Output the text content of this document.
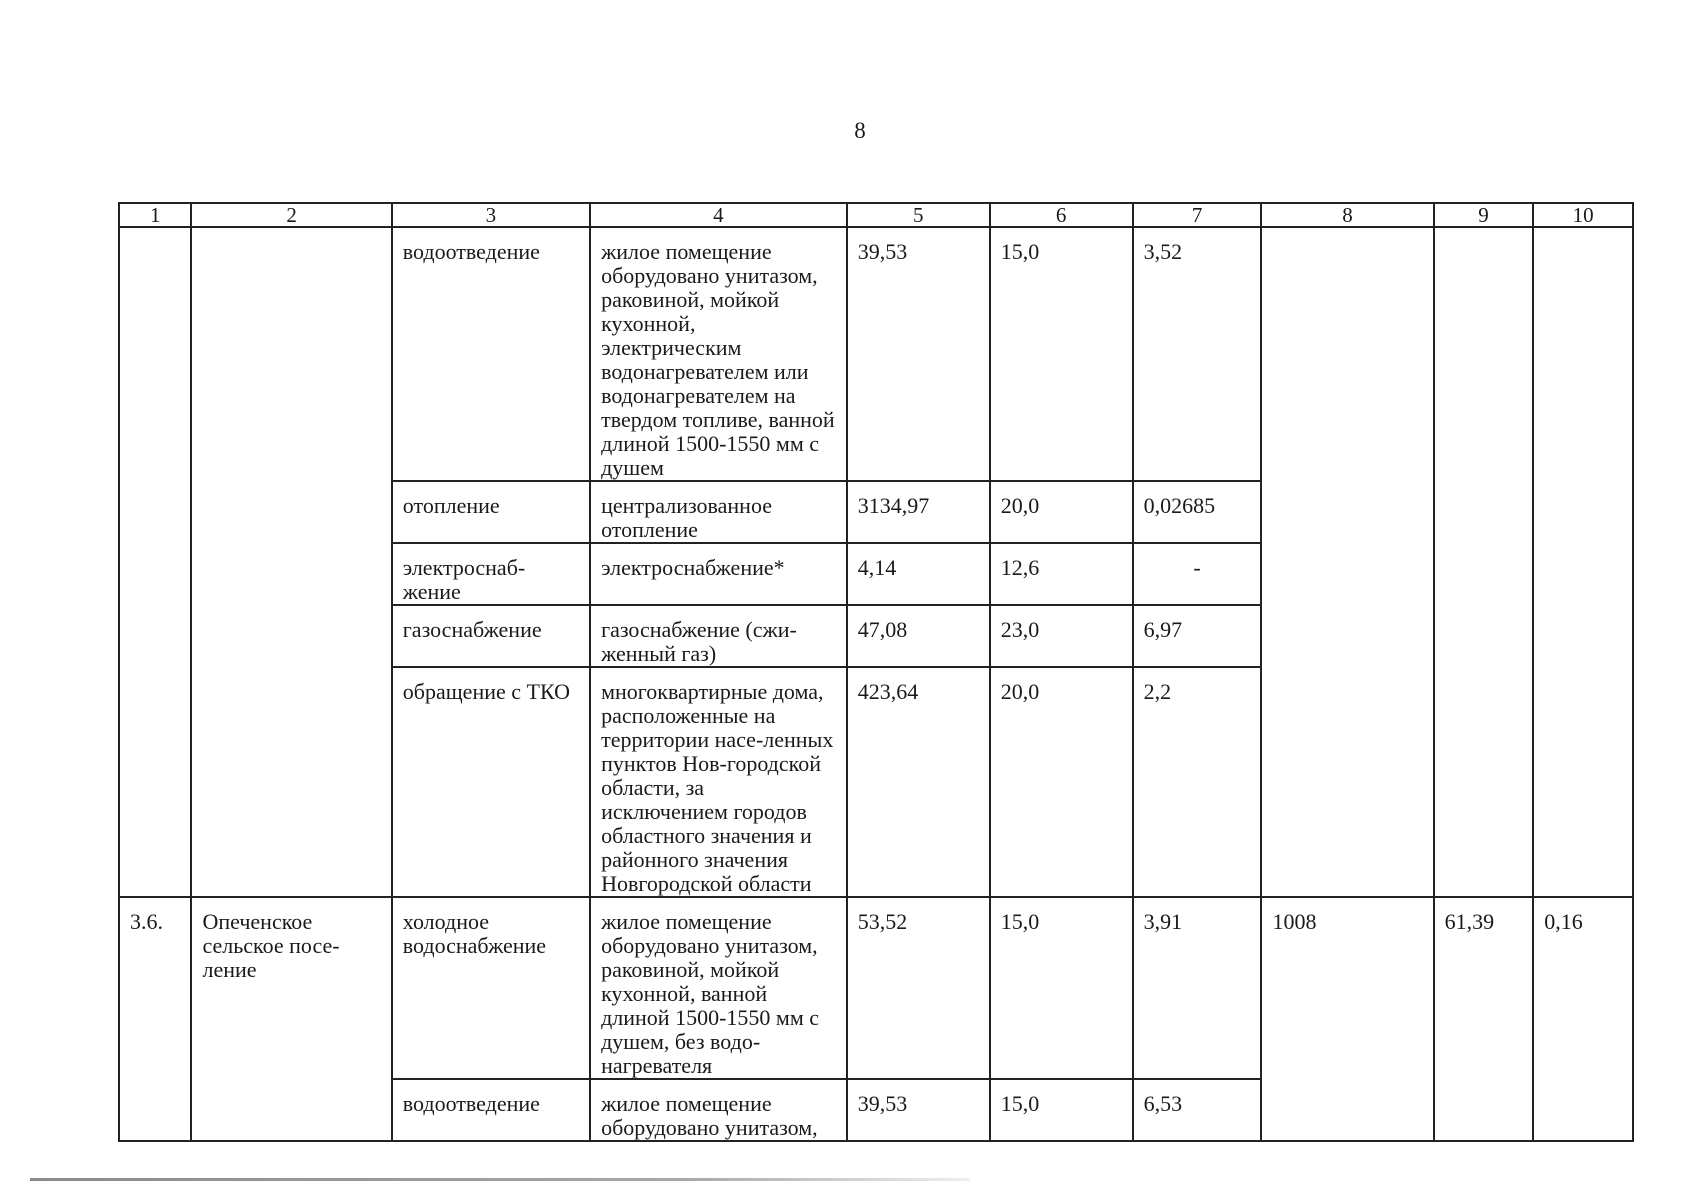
8
1	2	3	4	5	6	7	8	9	10
		водоотведение	жилое помещение оборудовано унитазом, раковиной, мойкой кухонной, электрическим водонагревателем или водонагревателем на твердом топливе, ванной длиной 1500-1550 мм с душем	39,53	15,0	3,52			
		отопление	централизованное отопление	3134,97	20,0	0,02685			
		электроснаб-жение	электроснабжение*	4,14	12,6	-			
		газоснабжение	газоснабжение (сжи-женный газ)	47,08	23,0	6,97			
		обращение с ТКО	многоквартирные дома, расположенные на территории насе-ленных пунктов Нов-городской области, за исключением городов областного значения и районного значения Новгородской области	423,64	20,0	2,2			
3.6.	Опеченское сельское посе-ление	холодное водоснабжение	жилое помещение оборудовано унитазом, раковиной, мойкой кухонной, ванной длиной 1500-1550 мм с душем, без водо-нагревателя	53,52	15,0	3,91	1008	61,39	0,16
		водоотведение	жилое помещение оборудовано унитазом,	39,53	15,0	6,53			
